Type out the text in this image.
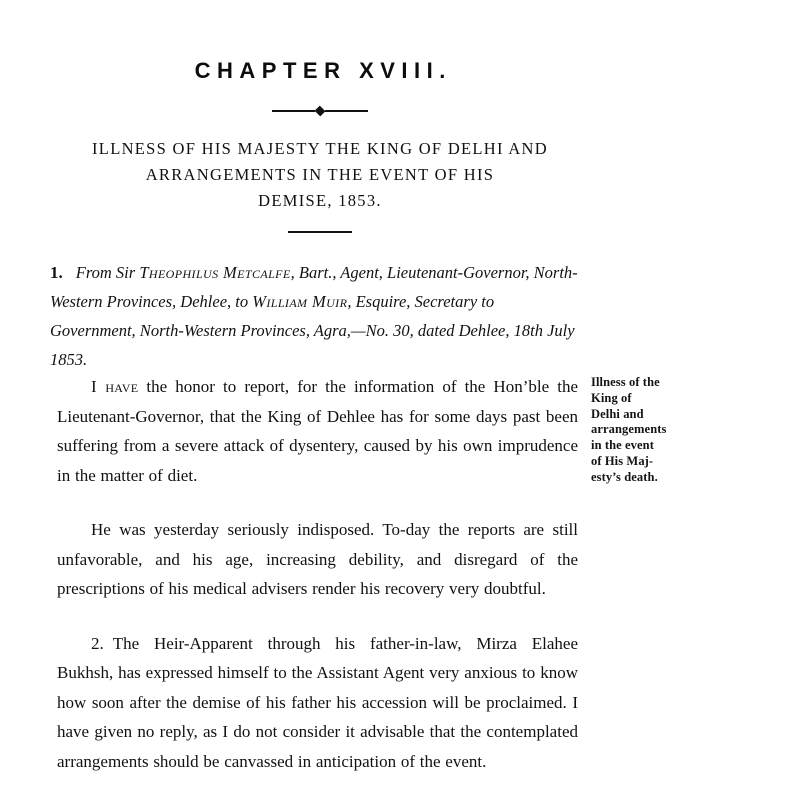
CHAPTER XVIII.
ILLNESS OF HIS MAJESTY THE KING OF DELHI AND
ARRANGEMENTS IN THE EVENT OF HIS
DEMISE, 1853.
1. From Sir Theophilus Metcalfe, Bart., Agent, Lieutenant-Governor, North-Western Provinces, Dehlee, to William Muir, Esquire, Secretary to Government, North-Western Provinces, Agra,—No. 30, dated Dehlee, 18th July 1853.

I have the honor to report, for the information of the Hon’ble the Lieutenant-Governor, that the King of Dehlee has for some days past been suffering from a severe attack of dysentery, caused by his own imprudence in the matter of diet.

He was yesterday seriously indisposed. To-day the reports are still unfavorable, and his age, increasing debility, and disregard of the prescriptions of his medical advisers render his recovery very doubtful.

2. The Heir-Apparent through his father-in-law, Mirza Elahee Bukhsh, has expressed himself to the Assistant Agent very anxious to know how soon after the demise of his father his accession will be proclaimed. I have given no reply, as I do not consider it advisable that the contemplated arrangements should be canvassed in anticipation of the event.

Illness of the
King of
Delhi and
arrangements
in the event
of His Maj-
esty’s death.
